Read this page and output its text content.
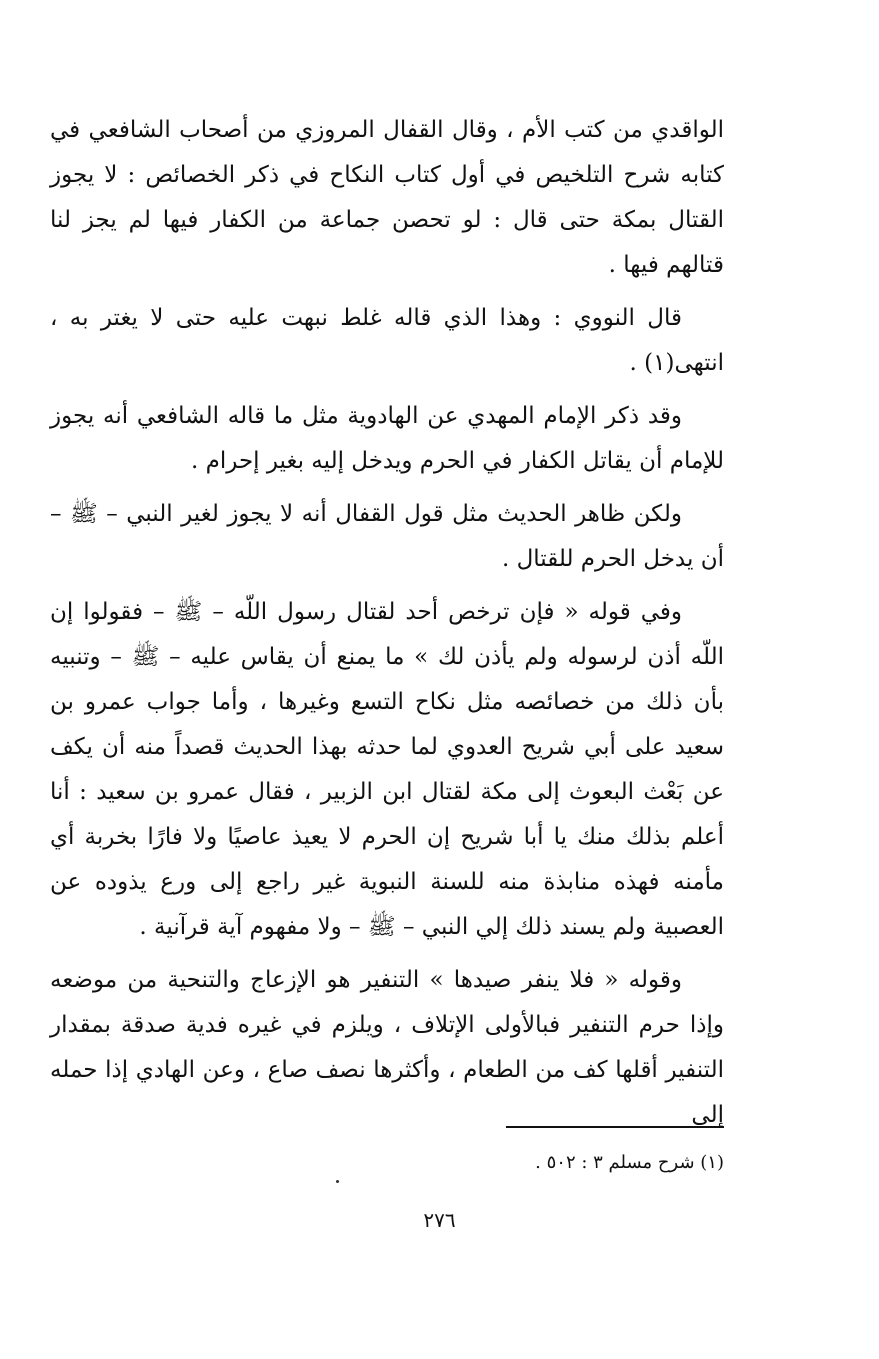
الواقدي من كتب الأم ، وقال القفال المروزي من أصحاب الشافعي في كتابه شرح التلخيص في أول كتاب النكاح في ذكر الخصائص : لا يجوز القتال بمكة حتى قال : لو تحصن جماعة من الكفار فيها لم يجز لنا قتالهم فيها .

قال النووي : وهذا الذي قاله غلط نبهت عليه حتى لا يغتر به ، انتهى(١) .

وقد ذكر الإمام المهدي عن الهادوية مثل ما قاله الشافعي أنه يجوز للإمام أن يقاتل الكفار في الحرم ويدخل إليه بغير إحرام .

ولكن ظاهر الحديث مثل قول القفال أنه لا يجوز لغير النبي – ﷺ – أن يدخل الحرم للقتال .

وفي قوله « فإن ترخص أحد لقتال رسول اللّه – ﷺ – فقولوا إن اللّه أذن لرسوله ولم يأذن لك » ما يمنع أن يقاس عليه – ﷺ – وتنبيه بأن ذلك من خصائصه مثل نكاح التسع وغيرها ، وأما جواب عمرو بن سعيد على أبي شريح العدوي لما حدثه بهذا الحديث قصداً منه أن يكف عن بَعْث البعوث إلى مكة لقتال ابن الزبير ، فقال عمرو بن سعيد : أنا أعلم بذلك منك يا أبا شريح إن الحرم لا يعيذ عاصيًا ولا فارًا بخربة أي مأمنه فهذه منابذة منه للسنة النبوية غير راجع إلى ورع يذوده عن العصبية ولم يسند ذلك إلي النبي – ﷺ – ولا مفهوم آية قرآنية .

وقوله « فلا ينفر صيدها » التنفير هو الإزعاج والتنحية من موضعه وإذا حرم التنفير فبالأولى الإتلاف ، ويلزم في غيره فدية صدقة بمقدار التنفير أقلها كف من الطعام ، وأكثرها نصف صاع ، وعن الهادي إذا حمله إلى

(١) شرح مسلم ٣ : ٥٠٢ .
٢٧٦
